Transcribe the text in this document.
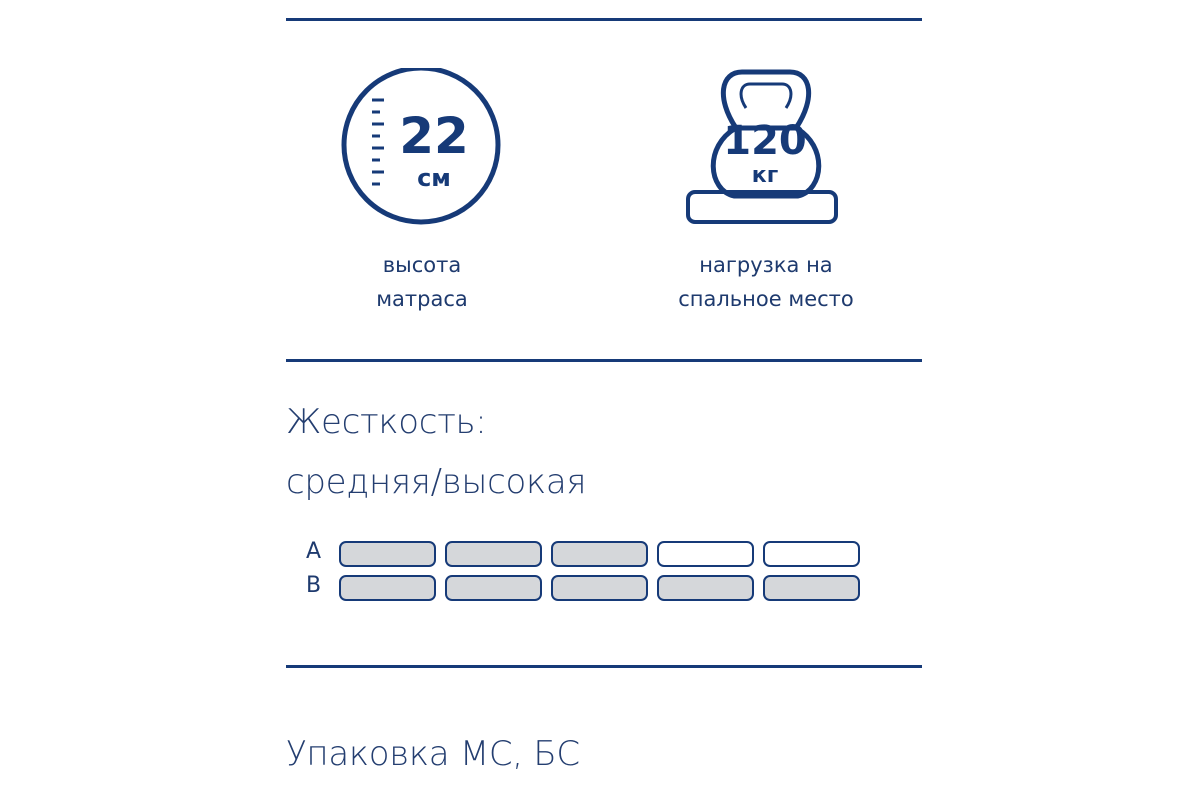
22
см
высота
матраса
120
кг
нагрузка на
спальное место
Жесткость:
средняя/высокая
A
B
Упаковка МС, БС
